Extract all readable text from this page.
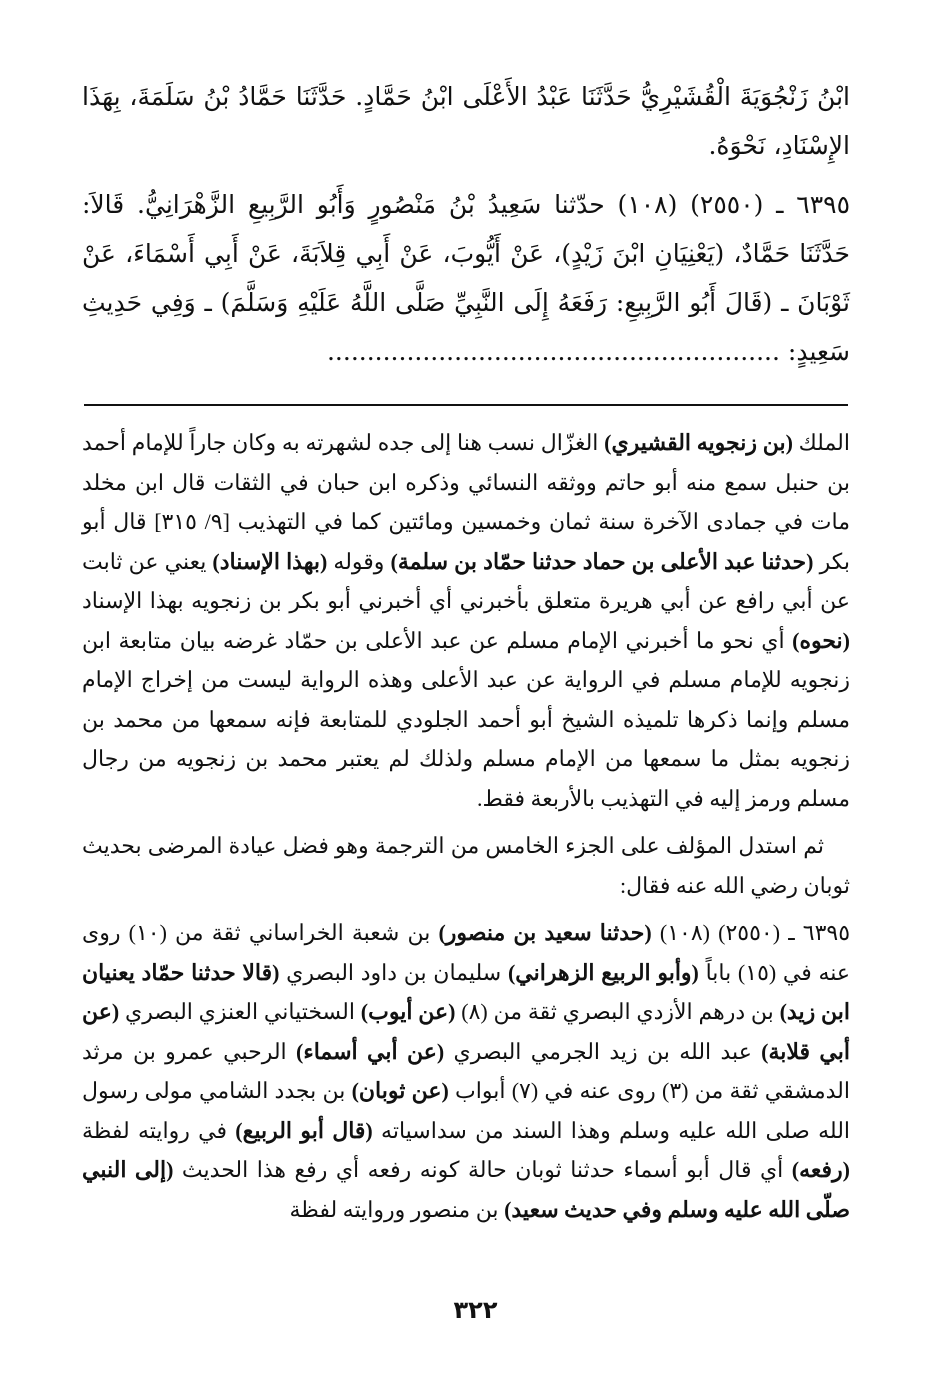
ابْنُ زَنْجُوَيَةَ الْقُشَيْرِيُّ حَدَّثَنَا عَبْدُ الأَعْلَى ابْنُ حَمَّادٍ. حَدَّثَنَا حَمَّادُ بْنُ سَلَمَةَ، بِهَذَا الإِسْنَادِ، نَحْوَهُ.

٦٣٩٥ ـ (٢٥٥٠) (١٠٨) حدّثنا سَعِيدُ بْنُ مَنْصُورٍ وَأَبُو الرَّبِيعِ الزَّهْرَانِيُّ. قَالاَ: حَدَّثَنَا حَمَّادٌ، (يَعْنِيَانِ ابْنَ زَيْدٍ)، عَنْ أَيُّوبَ، عَنْ أَبِي قِلاَبَةَ، عَنْ أَبِي أَسْمَاءَ، عَنْ ثَوْبَانَ ـ (قَالَ أَبُو الرَّبِيعِ: رَفَعَهُ إِلَى النَّبِيِّ صَلَّى اللَّهُ عَلَيْهِ وَسَلَّمَ) ـ وَفِي حَدِيثِ سَعِيدٍ: .........................................................

الملك (بن زنجويه القشيري) الغزّال نسب هنا إلى جده لشهرته به وكان جاراً للإمام أحمد بن حنبل سمع منه أبو حاتم ووثقه النسائي وذكره ابن حبان في الثقات قال ابن مخلد مات في جمادى الآخرة سنة ثمان وخمسين ومائتين كما في التهذيب [٩/ ٣١٥] قال أبو بكر (حدثنا عبد الأعلى بن حماد حدثنا حمّاد بن سلمة) وقوله (بهذا الإسناد) يعني عن ثابت عن أبي رافع عن أبي هريرة متعلق بأخبرني أي أخبرني أبو بكر بن زنجويه بهذا الإسناد (نحوه) أي نحو ما أخبرني الإمام مسلم عن عبد الأعلى بن حمّاد غرضه بيان متابعة ابن زنجويه للإمام مسلم في الرواية عن عبد الأعلى وهذه الرواية ليست من إخراج الإمام مسلم وإنما ذكرها تلميذه الشيخ أبو أحمد الجلودي للمتابعة فإنه سمعها من محمد بن زنجويه بمثل ما سمعها من الإمام مسلم ولذلك لم يعتبر محمد بن زنجويه من رجال مسلم ورمز إليه في التهذيب بالأربعة فقط.

ثم استدل المؤلف على الجزء الخامس من الترجمة وهو فضل عيادة المرضى بحديث ثوبان رضي الله عنه فقال:

٦٣٩٥ ـ (٢٥٥٠) (١٠٨) (حدثنا سعيد بن منصور) بن شعبة الخراساني ثقة من (١٠) روى عنه في (١٥) باباً (وأبو الربيع الزهراني) سليمان بن داود البصري (قالا حدثنا حمّاد يعنيان ابن زيد) بن درهم الأزدي البصري ثقة من (٨) (عن أيوب) السختياني العنزي البصري (عن أبي قلابة) عبد الله بن زيد الجرمي البصري (عن أبي أسماء) الرحبي عمرو بن مرثد الدمشقي ثقة من (٣) روى عنه في (٧) أبواب (عن ثوبان) بن بجدد الشامي مولى رسول الله صلى الله عليه وسلم وهذا السند من سداسياته (قال أبو الربيع) في روايته لفظة (رفعه) أي قال أبو أسماء حدثنا ثوبان حالة كونه رفعه أي رفع هذا الحديث (إلى النبي صلّى الله عليه وسلم وفي حديث سعيد) بن منصور وروايته لفظة

٣٢٢
